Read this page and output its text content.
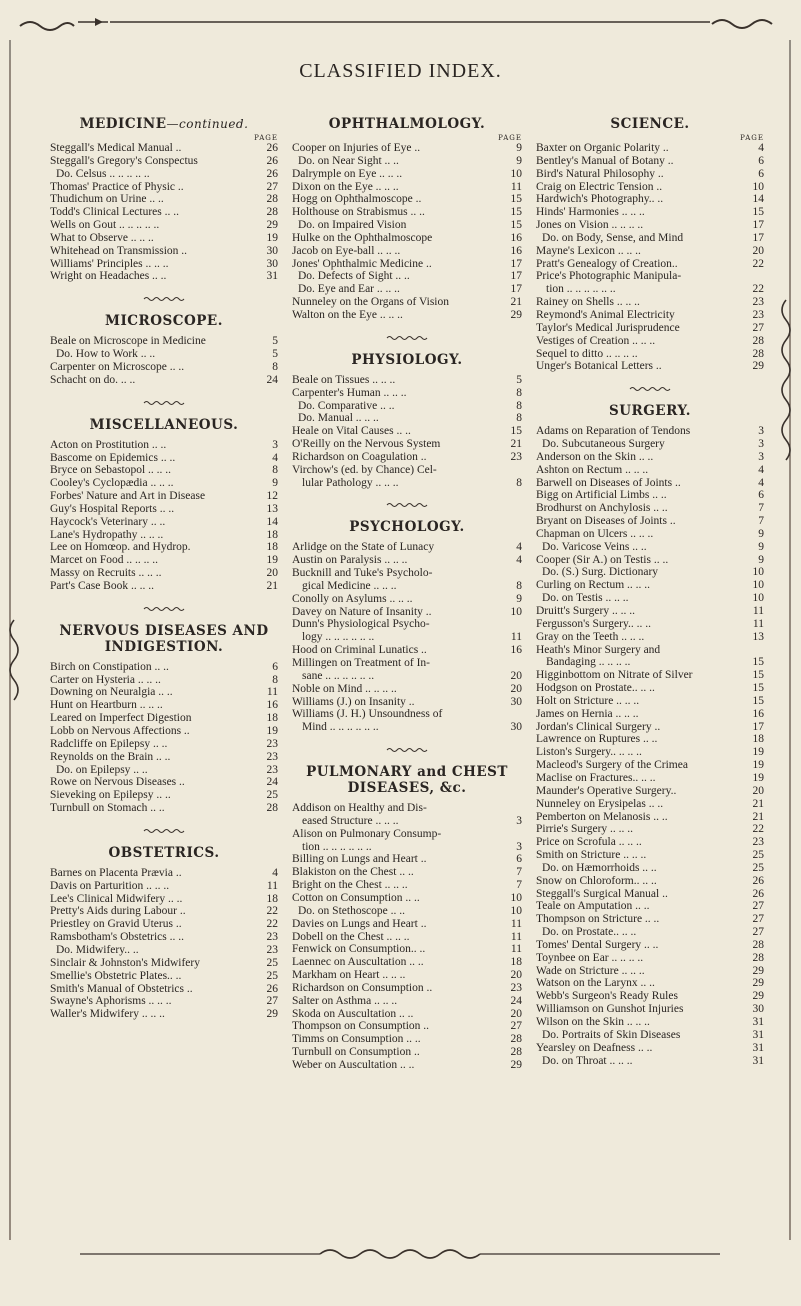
CLASSIFIED INDEX.
MEDICINE—continued.
PAGE
Steggall's Medical Manual ..	26
Steggall's Gregory's Conspectus	26
Do. Celsus .. .. .. .. ..	26
Thomas' Practice of Physic ..	27
Thudichum on Urine .. ..	28
Todd's Clinical Lectures .. ..	28
Wells on Gout .. .. .. .. ..	29
What to Observe .. .. ..	19
Whitehead on Transmission ..	30
Williams' Principles .. .. ..	30
Wright on Headaches .. ..	31
MICROSCOPE.
Beale on Microscope in Medicine	5
Do. How to Work .. ..	5
Carpenter on Microscope .. ..	8
Schacht on do. .. ..	24
MISCELLANEOUS.
Acton on Prostitution .. ..	3
Bascome on Epidemics .. ..	4
Bryce on Sebastopol .. .. ..	8
Cooley's Cyclopædia .. .. ..	9
Forbes' Nature and Art in Disease	12
Guy's Hospital Reports .. ..	13
Haycock's Veterinary .. ..	14
Lane's Hydropathy .. .. ..	18
Lee on Homœop. and Hydrop.	18
Marcet on Food .. .. .. ..	19
Massy on Recruits .. .. ..	20
Part's Case Book .. .. ..	21
NERVOUS DISEASES AND INDIGESTION.
Birch on Constipation .. ..	6
Carter on Hysteria .. .. ..	8
Downing on Neuralgia .. ..	11
Hunt on Heartburn .. .. ..	16
Leared on Imperfect Digestion	18
Lobb on Nervous Affections ..	19
Radcliffe on Epilepsy .. ..	23
Reynolds on the Brain .. ..	23
Do. on Epilepsy .. ..	23
Rowe on Nervous Diseases ..	24
Sieveking on Epilepsy .. ..	25
Turnbull on Stomach .. ..	28
OBSTETRICS.
Barnes on Placenta Prævia ..	4
Davis on Parturition .. .. ..	11
Lee's Clinical Midwifery .. ..	18
Pretty's Aids during Labour ..	22
Priestley on Gravid Uterus ..	22
Ramsbotham's Obstetrics .. ..	23
Do. Midwifery.. ..	23
Sinclair & Johnston's Midwifery	25
Smellie's Obstetric Plates.. ..	25
Smith's Manual of Obstetrics ..	26
Swayne's Aphorisms .. .. ..	27
Waller's Midwifery .. .. ..	29
OPHTHALMOLOGY.
PAGE
Cooper on Injuries of Eye ..	9
Do. on Near Sight .. ..	9
Dalrymple on Eye .. .. ..	10
Dixon on the Eye .. .. ..	11
Hogg on Ophthalmoscope ..	15
Holthouse on Strabismus .. ..	15
Do. on Impaired Vision	15
Hulke on the Ophthalmoscope	16
Jacob on Eye-ball .. .. ..	16
Jones' Ophthalmic Medicine ..	17
Do. Defects of Sight .. ..	17
Do. Eye and Ear .. .. ..	17
Nunneley on the Organs of Vision	21
Walton on the Eye .. .. ..	29
PHYSIOLOGY.
Beale on Tissues .. .. ..	5
Carpenter's Human .. .. ..	8
Do. Comparative .. ..	8
Do. Manual .. .. ..	8
Heale on Vital Causes .. ..	15
O'Reilly on the Nervous System	21
Richardson on Coagulation ..	23
Virchow's (ed. by Chance) Cel-
lular Pathology .. .. ..	8
PSYCHOLOGY.
Arlidge on the State of Lunacy	4
Austin on Paralysis .. .. ..	4
Bucknill and Tuke's Psycholo-
gical Medicine .. .. ..	8
Conolly on Asylums .. .. ..	9
Davey on Nature of Insanity ..	10
Dunn's Physiological Psycho-
logy .. .. .. .. .. ..	11
Hood on Criminal Lunatics ..	16
Millingen on Treatment of In-
sane .. .. .. .. .. ..	20
Noble on Mind .. .. .. ..	20
Williams (J.) on Insanity ..	30
Williams (J. H.) Unsoundness of
Mind .. .. .. .. .. ..	30
PULMONARY and CHEST DISEASES, &c.
Addison on Healthy and Dis-
eased Structure .. .. ..	3
Alison on Pulmonary Consump-
tion .. .. .. .. .. ..	3
Billing on Lungs and Heart ..	6
Blakiston on the Chest .. ..	7
Bright on the Chest .. .. ..	7
Cotton on Consumption .. ..	10
Do. on Stethoscope .. ..	10
Davies on Lungs and Heart ..	11
Dobell on the Chest .. .. ..	11
Fenwick on Consumption.. ..	11
Laennec on Auscultation .. ..	18
Markham on Heart .. .. ..	20
Richardson on Consumption ..	23
Salter on Asthma .. .. ..	24
Skoda on Auscultation .. ..	20
Thompson on Consumption ..	27
Timms on Consumption .. ..	28
Turnbull on Consumption ..	28
Weber on Auscultation .. ..	29
SCIENCE.
PAGE
Baxter on Organic Polarity ..	4
Bentley's Manual of Botany ..	6
Bird's Natural Philosophy ..	6
Craig on Electric Tension ..	10
Hardwich's Photography.. ..	14
Hinds' Harmonies .. .. ..	15
Jones on Vision .. .. .. ..	17
Do. on Body, Sense, and Mind	17
Mayne's Lexicon .. .. ..	20
Pratt's Genealogy of Creation..	22
Price's Photographic Manipula-
tion .. .. .. .. .. ..	22
Rainey on Shells .. .. ..	23
Reymond's Animal Electricity	23
Taylor's Medical Jurisprudence	27
Vestiges of Creation .. .. ..	28
Sequel to ditto .. .. .. ..	28
Unger's Botanical Letters ..	29
SURGERY.
Adams on Reparation of Tendons	3
Do. Subcutaneous Surgery	3
Anderson on the Skin .. ..	3
Ashton on Rectum .. .. ..	4
Barwell on Diseases of Joints ..	4
Bigg on Artificial Limbs .. ..	6
Brodhurst on Anchylosis .. ..	7
Bryant on Diseases of Joints ..	7
Chapman on Ulcers .. .. ..	9
Do. Varicose Veins .. ..	9
Cooper (Sir A.) on Testis .. ..	9
Do. (S.) Surg. Dictionary	10
Curling on Rectum .. .. ..	10
Do. on Testis .. .. ..	10
Druitt's Surgery .. .. ..	11
Fergusson's Surgery.. .. ..	11
Gray on the Teeth .. .. ..	13
Heath's Minor Surgery and
Bandaging .. .. .. ..	15
Higginbottom on Nitrate of Silver	15
Hodgson on Prostate.. .. ..	15
Holt on Stricture .. .. ..	15
James on Hernia .. .. ..	16
Jordan's Clinical Surgery ..	17
Lawrence on Ruptures .. ..	18
Liston's Surgery.. .. .. ..	19
Macleod's Surgery of the Crimea	19
Maclise on Fractures.. .. ..	19
Maunder's Operative Surgery..	20
Nunneley on Erysipelas .. ..	21
Pemberton on Melanosis .. ..	21
Pirrie's Surgery .. .. ..	22
Price on Scrofula .. .. ..	23
Smith on Stricture .. .. ..	25
Do. on Hæmorrhoids .. ..	25
Snow on Chloroform.. .. ..	26
Steggall's Surgical Manual ..	26
Teale on Amputation .. ..	27
Thompson on Stricture .. ..	27
Do. on Prostate.. .. ..	27
Tomes' Dental Surgery .. ..	28
Toynbee on Ear .. .. .. ..	28
Wade on Stricture .. .. ..	29
Watson on the Larynx .. ..	29
Webb's Surgeon's Ready Rules	29
Williamson on Gunshot Injuries	30
Wilson on the Skin .. .. ..	31
Do. Portraits of Skin Diseases	31
Yearsley on Deafness .. ..	31
Do. on Throat .. .. ..	31
